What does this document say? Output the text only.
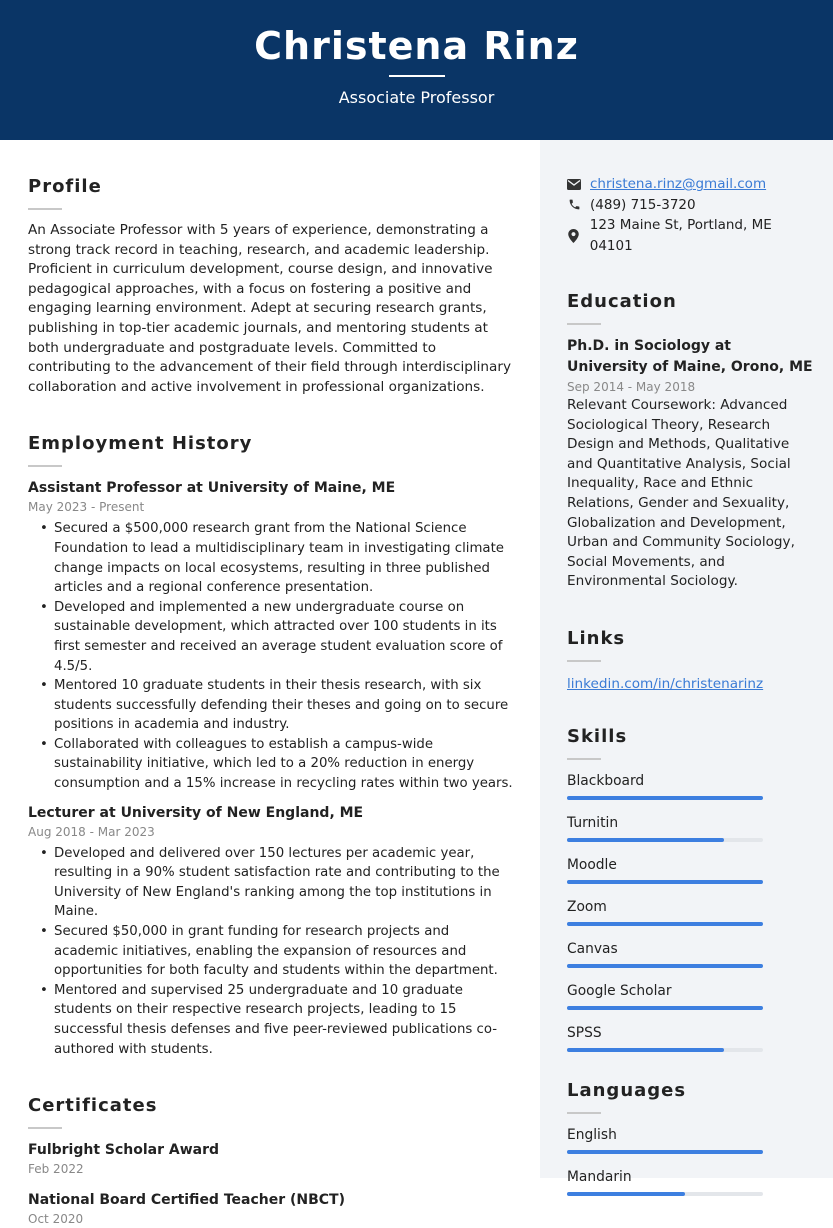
Christena Rinz
Associate Professor
Profile
An Associate Professor with 5 years of experience, demonstrating a strong track record in teaching, research, and academic leadership. Proficient in curriculum development, course design, and innovative pedagogical approaches, with a focus on fostering a positive and engaging learning environment. Adept at securing research grants, publishing in top-tier academic journals, and mentoring students at both undergraduate and postgraduate levels. Committed to contributing to the advancement of their field through interdisciplinary collaboration and active involvement in professional organizations.
Employment History
Assistant Professor at University of Maine, ME
May 2023 - Present
• Secured a $500,000 research grant from the National Science Foundation to lead a multidisciplinary team in investigating climate change impacts on local ecosystems, resulting in three published articles and a regional conference presentation.
• Developed and implemented a new undergraduate course on sustainable development, which attracted over 100 students in its first semester and received an average student evaluation score of 4.5/5.
• Mentored 10 graduate students in their thesis research, with six students successfully defending their theses and going on to secure positions in academia and industry.
• Collaborated with colleagues to establish a campus-wide sustainability initiative, which led to a 20% reduction in energy consumption and a 15% increase in recycling rates within two years.
Lecturer at University of New England, ME
Aug 2018 - Mar 2023
• Developed and delivered over 150 lectures per academic year, resulting in a 90% student satisfaction rate and contributing to the University of New England's ranking among the top institutions in Maine.
• Secured $50,000 in grant funding for research projects and academic initiatives, enabling the expansion of resources and opportunities for both faculty and students within the department.
• Mentored and supervised 25 undergraduate and 10 graduate students on their respective research projects, leading to 15 successful thesis defenses and five peer-reviewed publications co-authored with students.
Certificates
Fulbright Scholar Award
Feb 2022
National Board Certified Teacher (NBCT)
Oct 2020
christena.rinz@gmail.com
(489) 715-3720
123 Maine St, Portland, ME 04101
Education
Ph.D. in Sociology at University of Maine, Orono, ME
Sep 2014 - May 2018
Relevant Coursework: Advanced Sociological Theory, Research Design and Methods, Qualitative and Quantitative Analysis, Social Inequality, Race and Ethnic Relations, Gender and Sexuality, Globalization and Development, Urban and Community Sociology, Social Movements, and Environmental Sociology.
Links
linkedin.com/in/christenarinz
Skills
Blackboard
Turnitin
Moodle
Zoom
Canvas
Google Scholar
SPSS
Languages
English
Mandarin
